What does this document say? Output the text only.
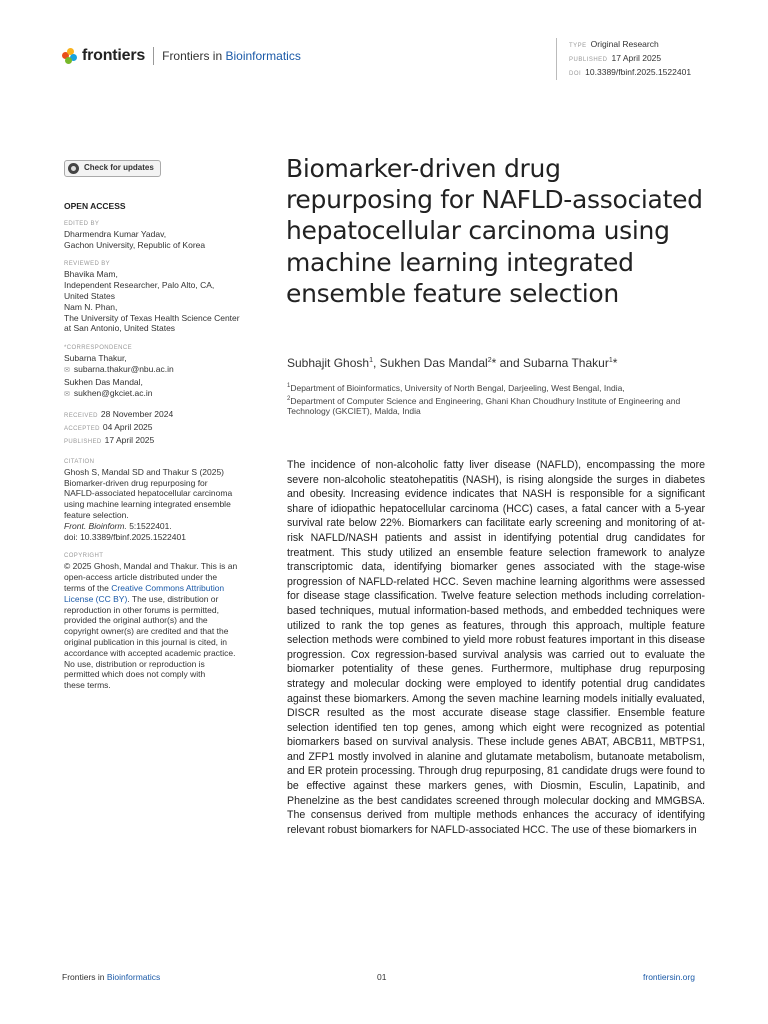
frontiers Frontiers in Bioinformatics
TYPE Original Research
PUBLISHED 17 April 2025
DOI 10.3389/fbinf.2025.1522401
Check for updates
OPEN ACCESS
EDITED BY
Dharmendra Kumar Yadav,
Gachon University, Republic of Korea
REVIEWED BY
Bhavika Mam,
Independent Researcher, Palo Alto, CA,
United States
Nam N. Phan,
The University of Texas Health Science Center
at San Antonio, United States
*CORRESPONDENCE
Subarna Thakur,
✉ subarna.thakur@nbu.ac.in
Sukhen Das Mandal,
✉ sukhen@gkciet.ac.in
RECEIVED 28 November 2024
ACCEPTED 04 April 2025
PUBLISHED 17 April 2025
CITATION
Ghosh S, Mandal SD and Thakur S (2025)
Biomarker-driven drug repurposing for
NAFLD-associated hepatocellular carcinoma
using machine learning integrated ensemble
feature selection.
Front. Bioinform. 5:1522401.
doi: 10.3389/fbinf.2025.1522401
COPYRIGHT
© 2025 Ghosh, Mandal and Thakur. This is an
open-access article distributed under the
terms of the Creative Commons Attribution
License (CC BY). The use, distribution or
reproduction in other forums is permitted,
provided the original author(s) and the
copyright owner(s) are credited and that the
original publication in this journal is cited, in
accordance with accepted academic practice.
No use, distribution or reproduction is
permitted which does not comply with
these terms.
Biomarker-driven drug repurposing for NAFLD-associated hepatocellular carcinoma using machine learning integrated ensemble feature selection
Subhajit Ghosh$^1$, Sukhen Das Mandal$^2$* and Subarna Thakur$^1$*
$^1$Department of Bioinformatics, University of North Bengal, Darjeeling, West Bengal, India,
$^2$Department of Computer Science and Engineering, Ghani Khan Choudhury Institute of Engineering and Technology (GKCIET), Malda, India
The incidence of non-alcoholic fatty liver disease (NAFLD), encompassing the more severe non-alcoholic steatohepatitis (NASH), is rising alongside the surges in diabetes and obesity. Increasing evidence indicates that NASH is responsible for a significant share of idiopathic hepatocellular carcinoma (HCC) cases, a fatal cancer with a 5-year survival rate below 22%. Biomarkers can facilitate early screening and monitoring of at-risk NAFLD/NASH patients and assist in identifying potential drug candidates for treatment. This study utilized an ensemble feature selection framework to analyze transcriptomic data, identifying biomarker genes associated with the stage-wise progression of NAFLD-related HCC. Seven machine learning algorithms were assessed for disease stage classification. Twelve feature selection methods including correlation-based techniques, mutual information-based methods, and embedded techniques were utilized to rank the top genes as features, through this approach, multiple feature selection methods were combined to yield more robust features important in this disease progression. Cox regression-based survival analysis was carried out to evaluate the biomarker potentiality of these genes. Furthermore, multiphase drug repurposing strategy and molecular docking were employed to identify potential drug candidates against these biomarkers. Among the seven machine learning models initially evaluated, DISCR resulted as the most accurate disease stage classifier. Ensemble feature selection identified ten top genes, among which eight were recognized as potential biomarkers based on survival analysis. These include genes ABAT, ABCB11, MBTPS1, and ZFP1 mostly involved in alanine and glutamate metabolism, butanoate metabolism, and ER protein processing. Through drug repurposing, 81 candidate drugs were found to be effective against these markers genes, with Diosmin, Esculin, Lapatinib, and Phenelzine as the best candidates screened through molecular docking and MMGBSA. The consensus derived from multiple methods enhances the accuracy of identifying relevant robust biomarkers for NAFLD-associated HCC. The use of these biomarkers in
Frontiers in Bioinformatics	01	frontiersin.org
